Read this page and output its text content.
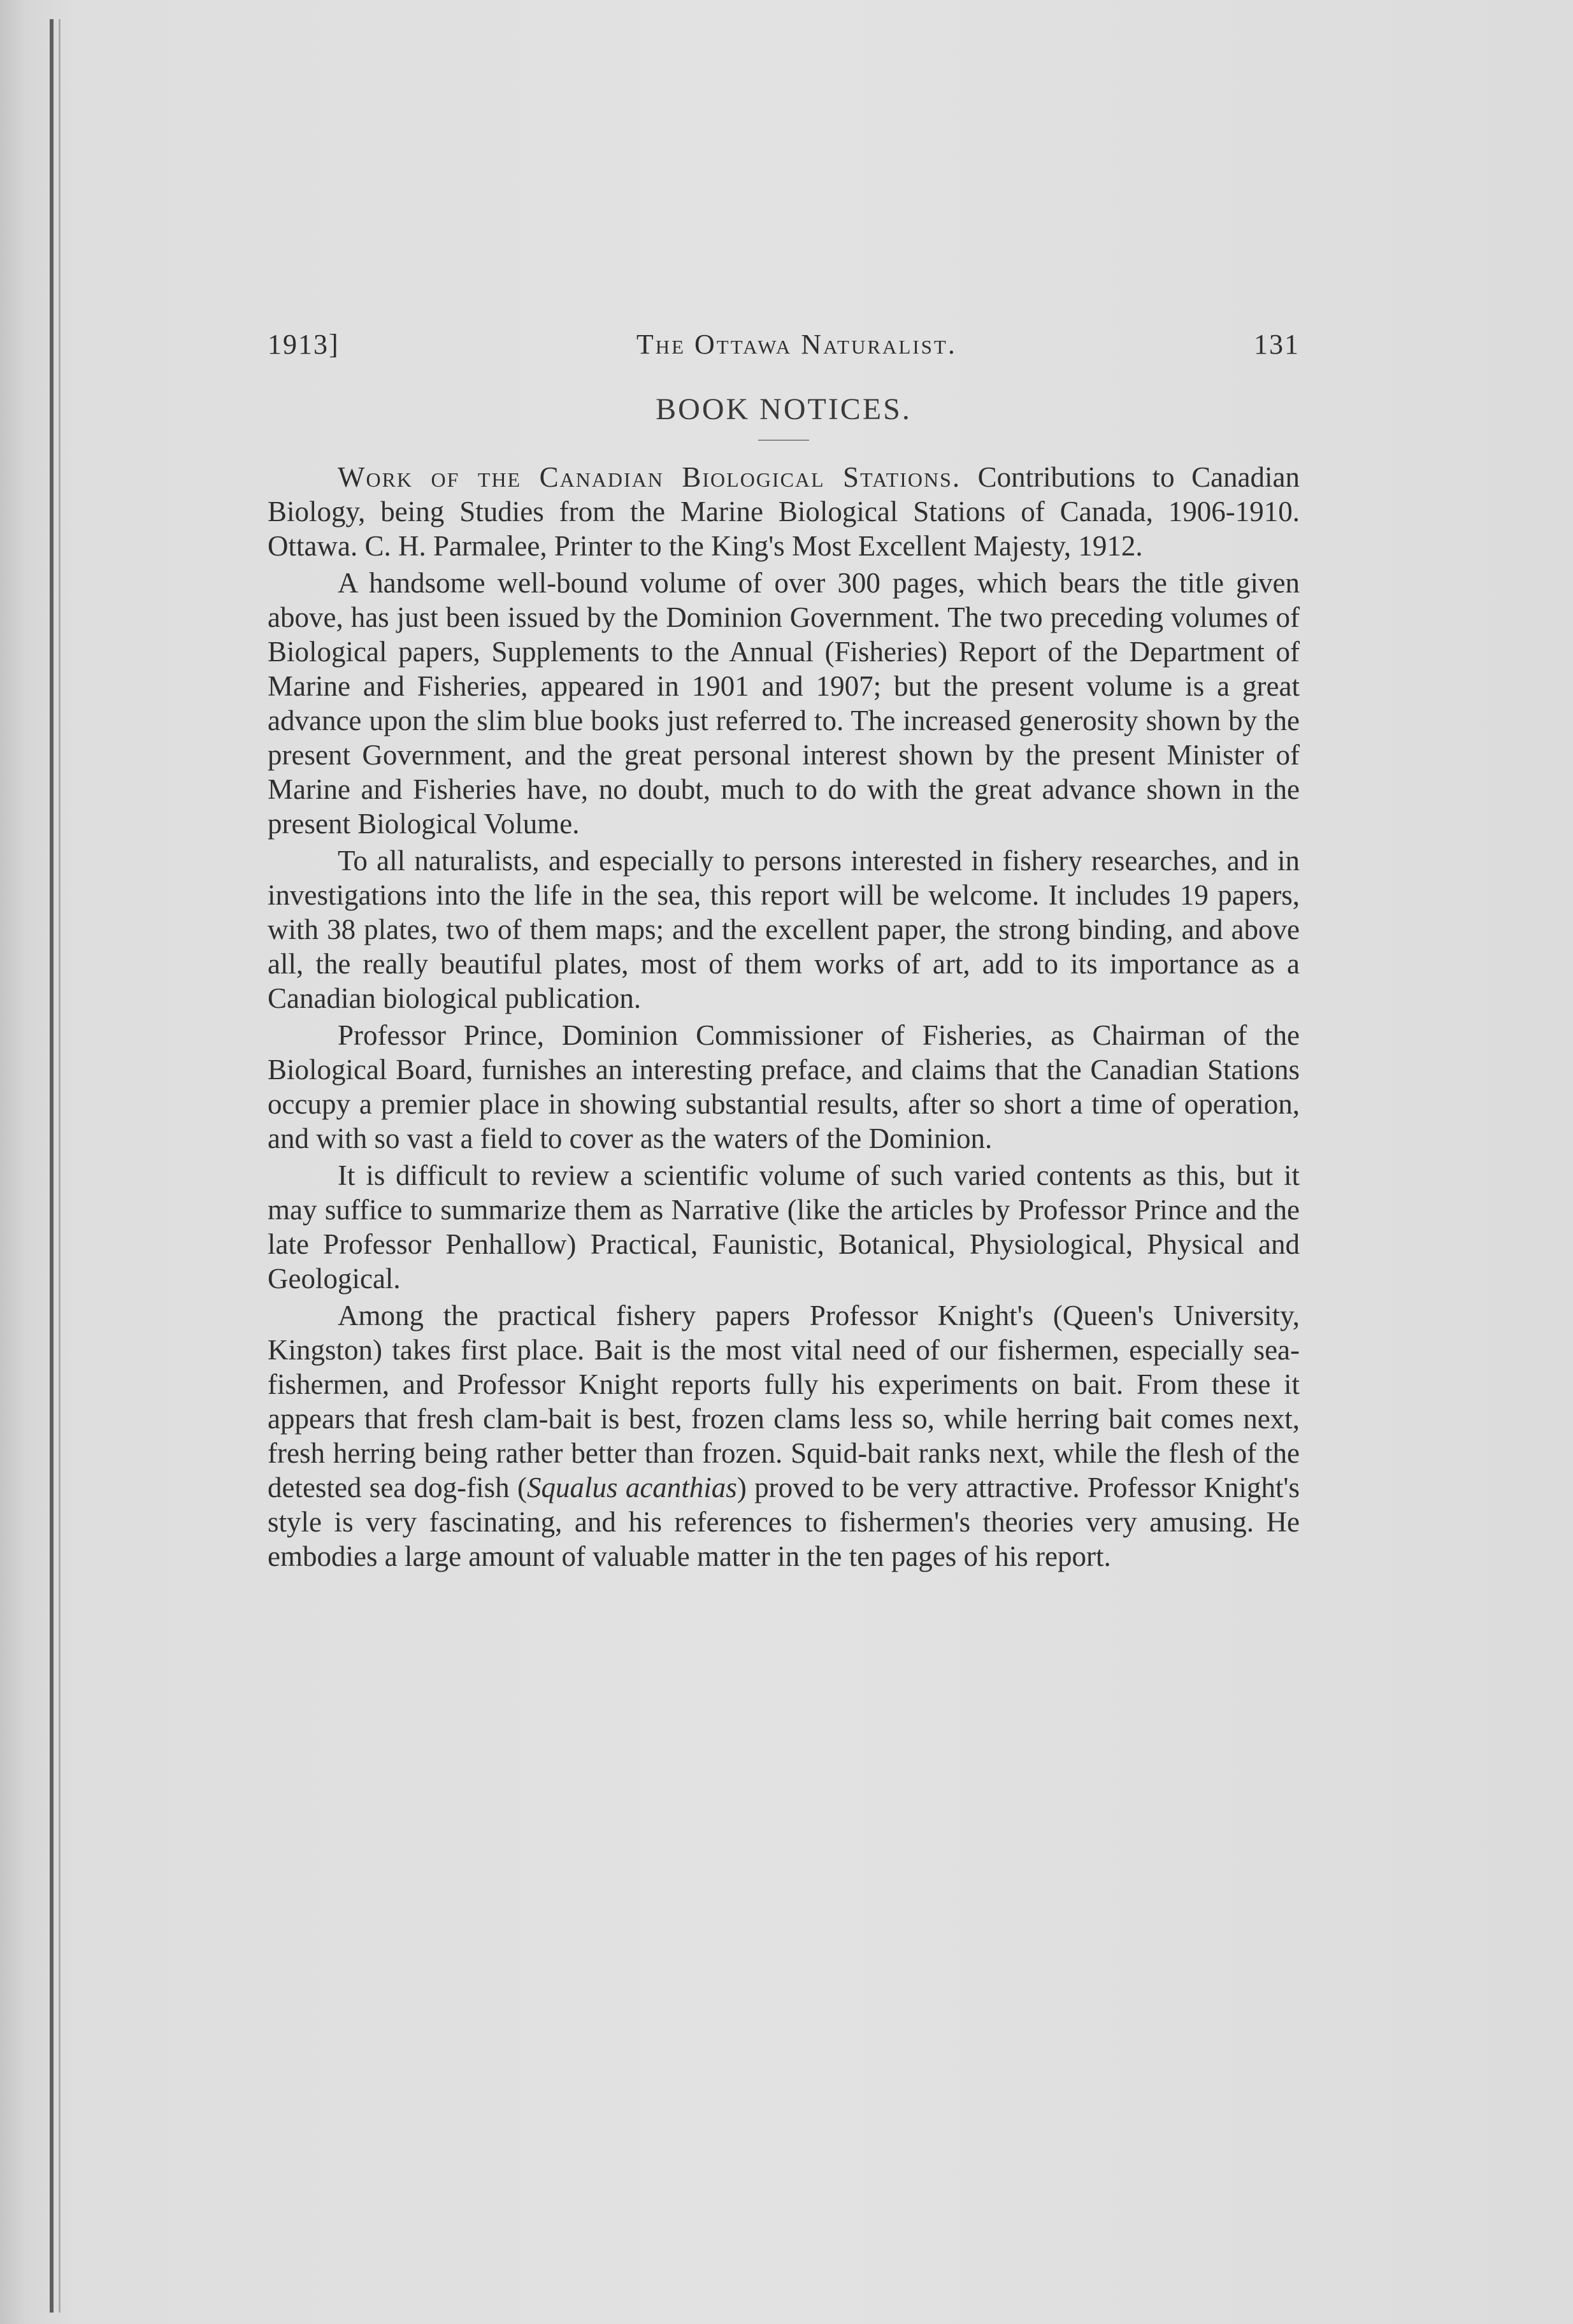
1913]	The Ottawa Naturalist.	131
BOOK NOTICES.

Work of the Canadian Biological Stations. Contributions to Canadian Biology, being Studies from the Marine Biological Stations of Canada, 1906-1910. Ottawa. C. H. Parmalee, Printer to the King's Most Excellent Majesty, 1912.

A handsome well-bound volume of over 300 pages, which bears the title given above, has just been issued by the Dominion Government. The two preceding volumes of Biological papers, Supplements to the Annual (Fisheries) Report of the Department of Marine and Fisheries, appeared in 1901 and 1907; but the present volume is a great advance upon the slim blue books just referred to. The increased generosity shown by the present Government, and the great personal interest shown by the present Minister of Marine and Fisheries have, no doubt, much to do with the great advance shown in the present Biological Volume.

To all naturalists, and especially to persons interested in fishery researches, and in investigations into the life in the sea, this report will be welcome. It includes 19 papers, with 38 plates, two of them maps; and the excellent paper, the strong binding, and above all, the really beautiful plates, most of them works of art, add to its importance as a Canadian biological publication.

Professor Prince, Dominion Commissioner of Fisheries, as Chairman of the Biological Board, furnishes an interesting preface, and claims that the Canadian Stations occupy a premier place in showing substantial results, after so short a time of operation, and with so vast a field to cover as the waters of the Dominion.

It is difficult to review a scientific volume of such varied contents as this, but it may suffice to summarize them as Narrative (like the articles by Professor Prince and the late Professor Penhallow) Practical, Faunistic, Botanical, Physiological, Physical and Geological.

Among the practical fishery papers Professor Knight's (Queen's University, Kingston) takes first place. Bait is the most vital need of our fishermen, especially sea-fishermen, and Professor Knight reports fully his experiments on bait. From these it appears that fresh clam-bait is best, frozen clams less so, while herring bait comes next, fresh herring being rather better than frozen. Squid-bait ranks next, while the flesh of the detested sea dog-fish (Squalus acanthias) proved to be very attractive. Professor Knight's style is very fascinating, and his references to fishermen's theories very amusing. He embodies a large amount of valuable matter in the ten pages of his report.
